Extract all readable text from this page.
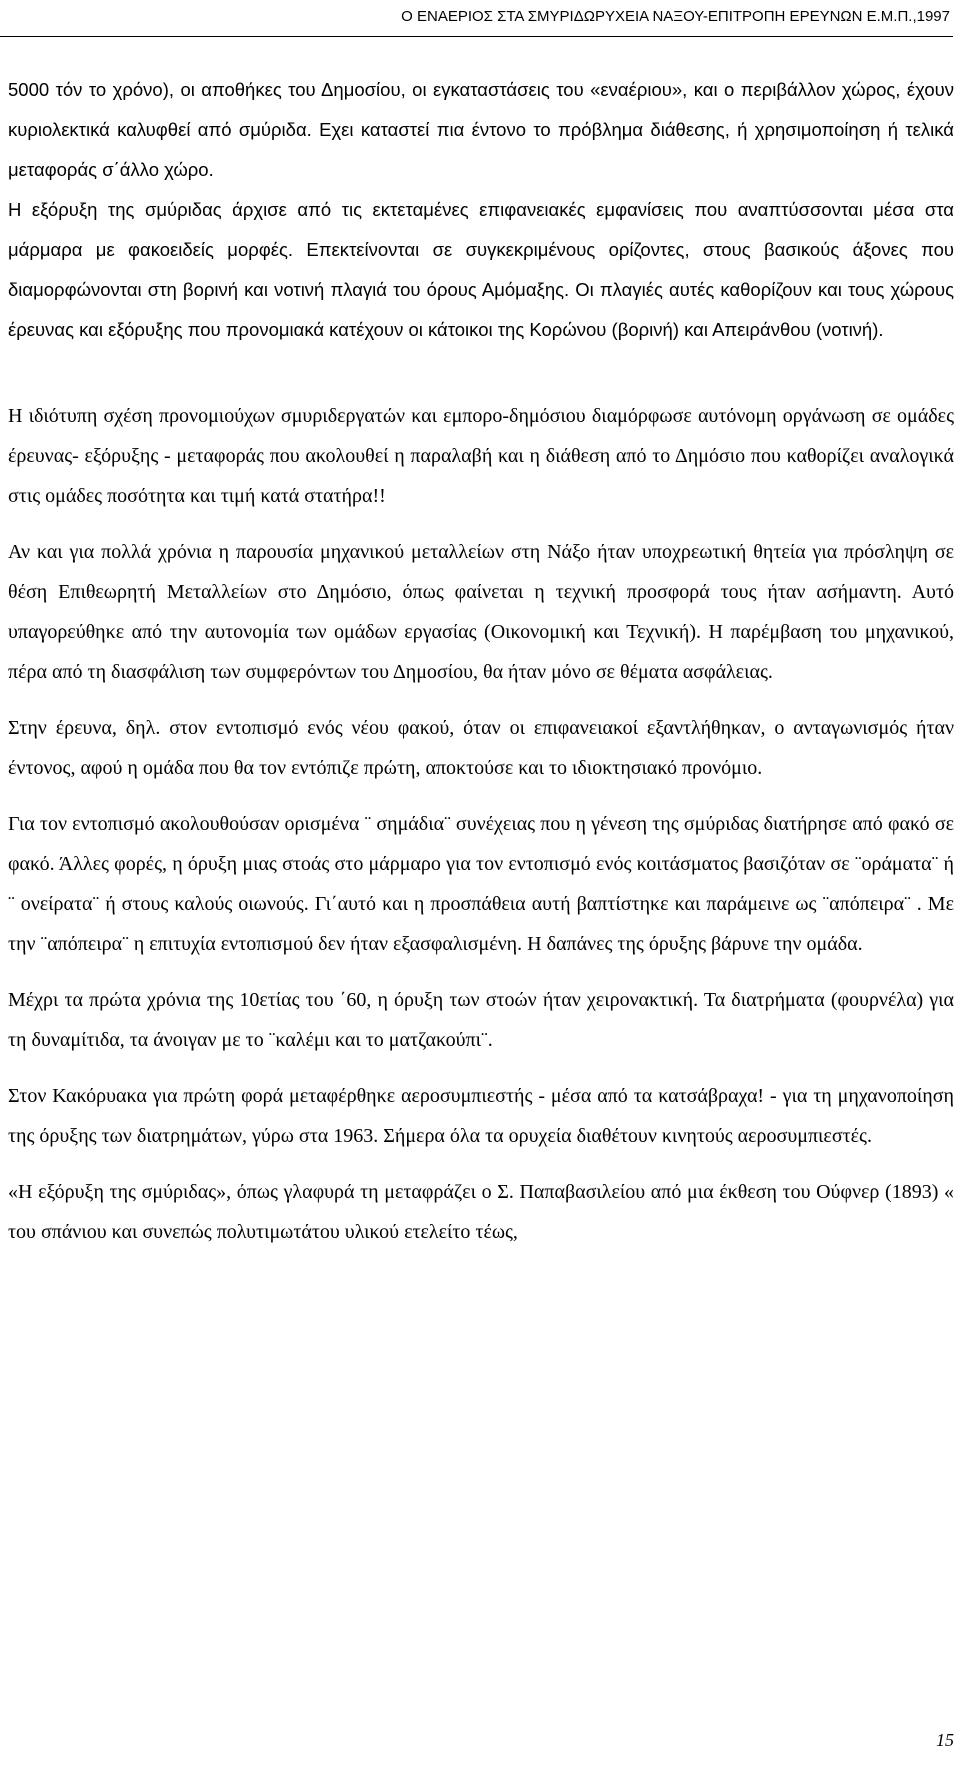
Ο ΕΝΑΕΡΙΟΣ ΣΤΑ ΣΜΥΡΙΔΩΡΥΧΕΙΑ ΝΑΞΟΥ-ΕΠΙΤΡΟΠΗ ΕΡΕΥΝΩΝ Ε.Μ.Π.,1997

5000 τόν το χρόνο), οι αποθήκες του Δημοσίου, οι εγκαταστάσεις του «εναέριου», και ο περιβάλλον χώρος, έχουν κυριολεκτικά καλυφθεί από σμύριδα. Εχει καταστεί πια έντονο το πρόβλημα διάθεσης, ή χρησιμοποίηση ή τελικά μεταφοράς σ΄άλλο χώρο.

Η εξόρυξη της σμύριδας άρχισε από τις εκτεταμένες επιφανειακές εμφανίσεις που αναπτύσσονται μέσα στα μάρμαρα με φακοειδείς μορφές. Επεκτείνονται σε συγκεκριμένους ορίζοντες, στους βασικούς άξονες που διαμορφώνονται στη βορινή και νοτινή πλαγιά του όρους Αμόμαξης. Οι πλαγιές αυτές καθορίζουν και τους χώρους έρευνας και εξόρυξης που προνομιακά κατέχουν οι κάτοικοι της Κορώνου (βορινή) και Απειράνθου (νοτινή).

Η ιδιότυπη σχέση προνομιούχων σμυριδεργατών και εμπορο-δημόσιου διαμόρφωσε αυτόνομη οργάνωση σε ομάδες έρευνας- εξόρυξης - μεταφοράς που ακολουθεί η παραλαβή και η διάθεση από το Δημόσιο που καθορίζει αναλογικά στις ομάδες ποσότητα και τιμή κατά στατήρα!!

Αν και για πολλά χρόνια η παρουσία μηχανικού μεταλλείων στη Νάξο ήταν υποχρεωτική θητεία για πρόσληψη σε θέση Επιθεωρητή Μεταλλείων στο Δημόσιο, όπως φαίνεται η τεχνική προσφορά τους ήταν ασήμαντη. Αυτό υπαγορεύθηκε από την αυτονομία των ομάδων εργασίας (Οικονομική και Τεχνική). Η παρέμβαση του μηχανικού, πέρα από τη διασφάλιση των συμφερόντων του Δημοσίου, θα ήταν μόνο σε θέματα ασφάλειας.

Στην έρευνα, δηλ. στον εντοπισμό ενός νέου φακού, όταν οι επιφανειακοί εξαντλήθηκαν, ο ανταγωνισμός ήταν έντονος, αφού η ομάδα που θα τον εντόπιζε πρώτη, αποκτούσε και το ιδιοκτησιακό προνόμιο.

Για τον εντοπισμό ακολουθούσαν ορισμένα ¨ σημάδια¨ συνέχειας που η γένεση της σμύριδας διατήρησε από φακό σε φακό. Άλλες φορές, η όρυξη μιας στοάς στο μάρμαρο για τον εντοπισμό ενός κοιτάσματος βασιζόταν σε ¨οράματα¨ ή ¨ ονείρατα¨ ή στους καλούς οιωνούς. Γι΄αυτό και η προσπάθεια αυτή βαπτίστηκε και παράμεινε ως ¨απόπειρα¨ . Με την ¨απόπειρα¨ η επιτυχία εντοπισμού δεν ήταν εξασφαλισμένη. Η δαπάνες της όρυξης βάρυνε την ομάδα.

Μέχρι τα πρώτα χρόνια της 10ετίας του ΄60, η όρυξη των στοών ήταν χειρονακτική. Τα διατρήματα (φουρνέλα) για τη δυναμίτιδα, τα άνοιγαν με το ¨καλέμι και το ματζακούπι¨.

Στον Κακόρυακα για πρώτη φορά μεταφέρθηκε αεροσυμπιεστής - μέσα από τα κατσάβραχα! - για τη μηχανοποίηση της όρυξης των διατρημάτων, γύρω στα 1963. Σήμερα όλα τα ορυχεία διαθέτουν κινητούς αεροσυμπιεστές.

«Η εξόρυξη της σμύριδας», όπως γλαφυρά τη μεταφράζει ο Σ. Παπαβασιλείου από μια έκθεση του Ούφνερ (1893) « του σπάνιου και συνεπώς πολυτιμωτάτου υλικού ετελείτο τέως,

15
